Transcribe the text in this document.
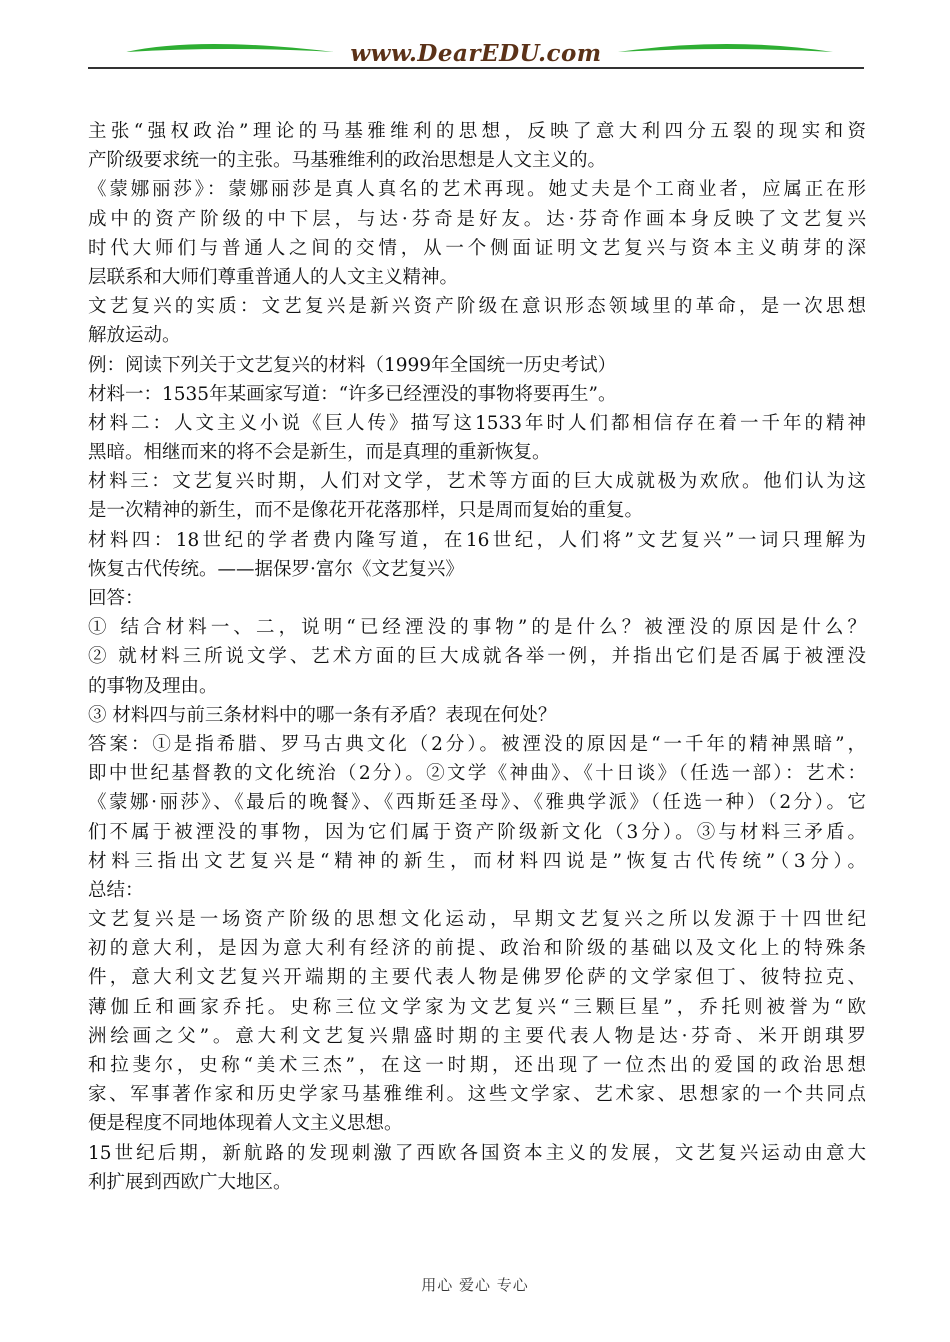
www.DearEDU.com
主张“强权政治”理论的马基雅维利的思想，反映了意大利四分五裂的现实和资
产阶级要求统一的主张。马基雅维利的政治思想是人文主义的。
《蒙娜丽莎》：蒙娜丽莎是真人真名的艺术再现。她丈夫是个工商业者，应属正在形
成中的资产阶级的中下层，与达·芬奇是好友。达·芬奇作画本身反映了文艺复兴
时代大师们与普通人之间的交情，从一个侧面证明文艺复兴与资本主义萌芽的深
层联系和大师们尊重普通人的人文主义精神。
文艺复兴的实质：文艺复兴是新兴资产阶级在意识形态领域里的革命，是一次思想
解放运动。
例：阅读下列关于文艺复兴的材料（1999年全国统一历史考试）
材料一：1535年某画家写道：“许多已经湮没的事物将要再生”。
材料二：人文主义小说《巨人传》描写这1533年时人们都相信存在着一千年的精神
黑暗。相继而来的将不会是新生，而是真理的重新恢复。
材料三：文艺复兴时期，人们对文学，艺术等方面的巨大成就极为欢欣。他们认为这
是一次精神的新生，而不是像花开花落那样，只是周而复始的重复。
材料四：18世纪的学者费内隆写道，在16世纪，人们将”文艺复兴”一词只理解为
恢复古代传统。——据保罗·富尔《文艺复兴》
回答：
① 结合材料一、二，说明“已经湮没的事物”的是什么？被湮没的原因是什么？
② 就材料三所说文学、艺术方面的巨大成就各举一例，并指出它们是否属于被湮没
的事物及理由。
③ 材料四与前三条材料中的哪一条有矛盾？表现在何处？
答案：①是指希腊、罗马古典文化（2分）。被湮没的原因是“一千年的精神黑暗”，
即中世纪基督教的文化统治（2分）。②文学《神曲》、《十日谈》（任选一部）：艺术：
《蒙娜·丽莎》、《最后的晚餐》、《西斯廷圣母》、《雅典学派》（任选一种）（2分）。它
们不属于被湮没的事物，因为它们属于资产阶级新文化（3分）。③与材料三矛盾。
材料三指出文艺复兴是“精神的新生，而材料四说是”恢复古代传统”（3分）。
总结：
文艺复兴是一场资产阶级的思想文化运动，早期文艺复兴之所以发源于十四世纪
初的意大利，是因为意大利有经济的前提、政治和阶级的基础以及文化上的特殊条
件，意大利文艺复兴开端期的主要代表人物是佛罗伦萨的文学家但丁、彼特拉克、
薄伽丘和画家乔托。史称三位文学家为文艺复兴“三颗巨星”，乔托则被誉为“欧
洲绘画之父”。意大利文艺复兴鼎盛时期的主要代表人物是达·芬奇、米开朗琪罗
和拉斐尔，史称“美术三杰”，在这一时期，还出现了一位杰出的爱国的政治思想
家、军事著作家和历史学家马基雅维利。这些文学家、艺术家、思想家的一个共同点
便是程度不同地体现着人文主义思想。
15世纪后期，新航路的发现刺激了西欧各国资本主义的发展，文艺复兴运动由意大
利扩展到西欧广大地区。
用心 爱心 专心
